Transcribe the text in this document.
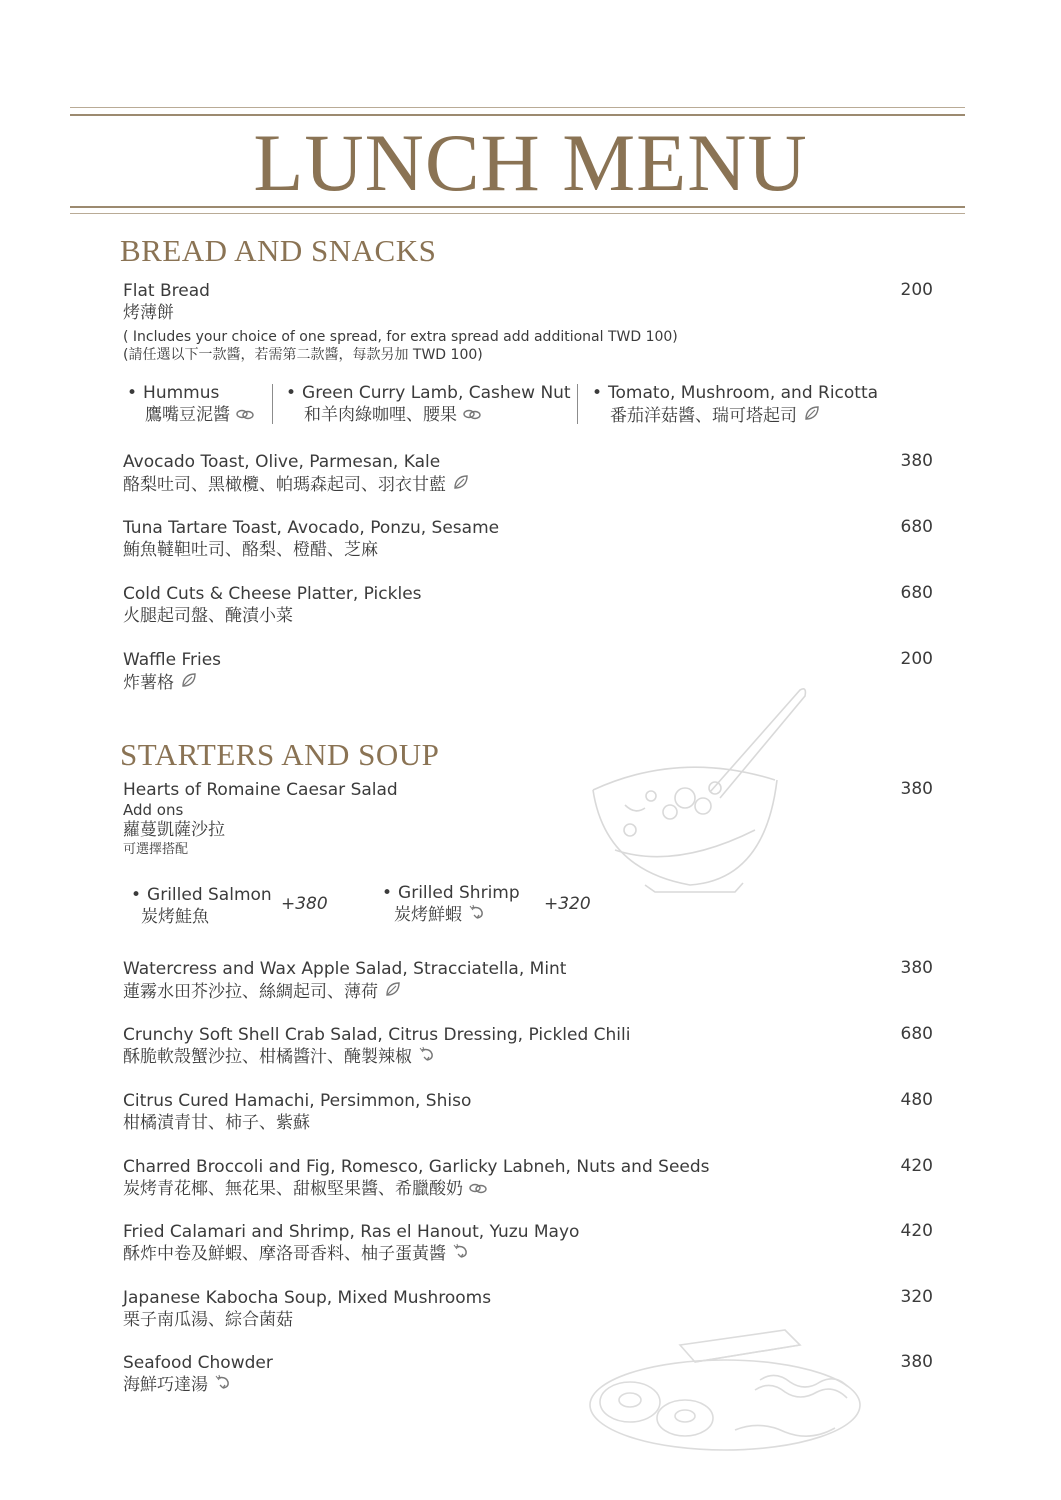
LUNCH MENU
BREAD AND SNACKS
Flat Bread
烤薄餅
( Includes your choice of one spread, for extra spread add additional TWD 100)
(請任選以下一款醬，若需第二款醬，每款另加 TWD 100)
200
• Hummus
鷹嘴豆泥醬
• Green Curry Lamb, Cashew Nut
和羊肉綠咖哩、腰果
• Tomato, Mushroom, and Ricotta
番茄洋菇醬、瑞可塔起司
Avocado Toast, Olive, Parmesan, Kale
酪梨吐司、黑橄欖、帕瑪森起司、羽衣甘藍
380
Tuna Tartare Toast, Avocado, Ponzu, Sesame
鮪魚韃靼吐司、酪梨、橙醋、芝麻
680
Cold Cuts & Cheese Platter, Pickles
火腿起司盤、醃漬小菜
680
Waffle Fries
炸薯格
200
STARTERS AND SOUP
Hearts of Romaine Caesar Salad
Add ons
蘿蔓凱薩沙拉
可選擇搭配
380
• Grilled Salmon
炭烤鮭魚
+380
• Grilled Shrimp
炭烤鮮蝦
+320
Watercress and Wax Apple Salad, Stracciatella, Mint
蓮霧水田芥沙拉、絲綢起司、薄荷
380
Crunchy Soft Shell Crab Salad, Citrus Dressing, Pickled Chili
酥脆軟殼蟹沙拉、柑橘醬汁、醃製辣椒
680
Citrus Cured Hamachi, Persimmon, Shiso
柑橘漬青甘、柿子、紫蘇
480
Charred Broccoli and Fig, Romesco, Garlicky Labneh, Nuts and Seeds
炭烤青花椰、無花果、甜椒堅果醬、希臘酸奶
420
Fried Calamari and Shrimp, Ras el Hanout, Yuzu Mayo
酥炸中卷及鮮蝦、摩洛哥香料、柚子蛋黃醬
420
Japanese Kabocha Soup, Mixed Mushrooms
栗子南瓜湯、綜合菌菇
320
Seafood Chowder
海鮮巧達湯
380
